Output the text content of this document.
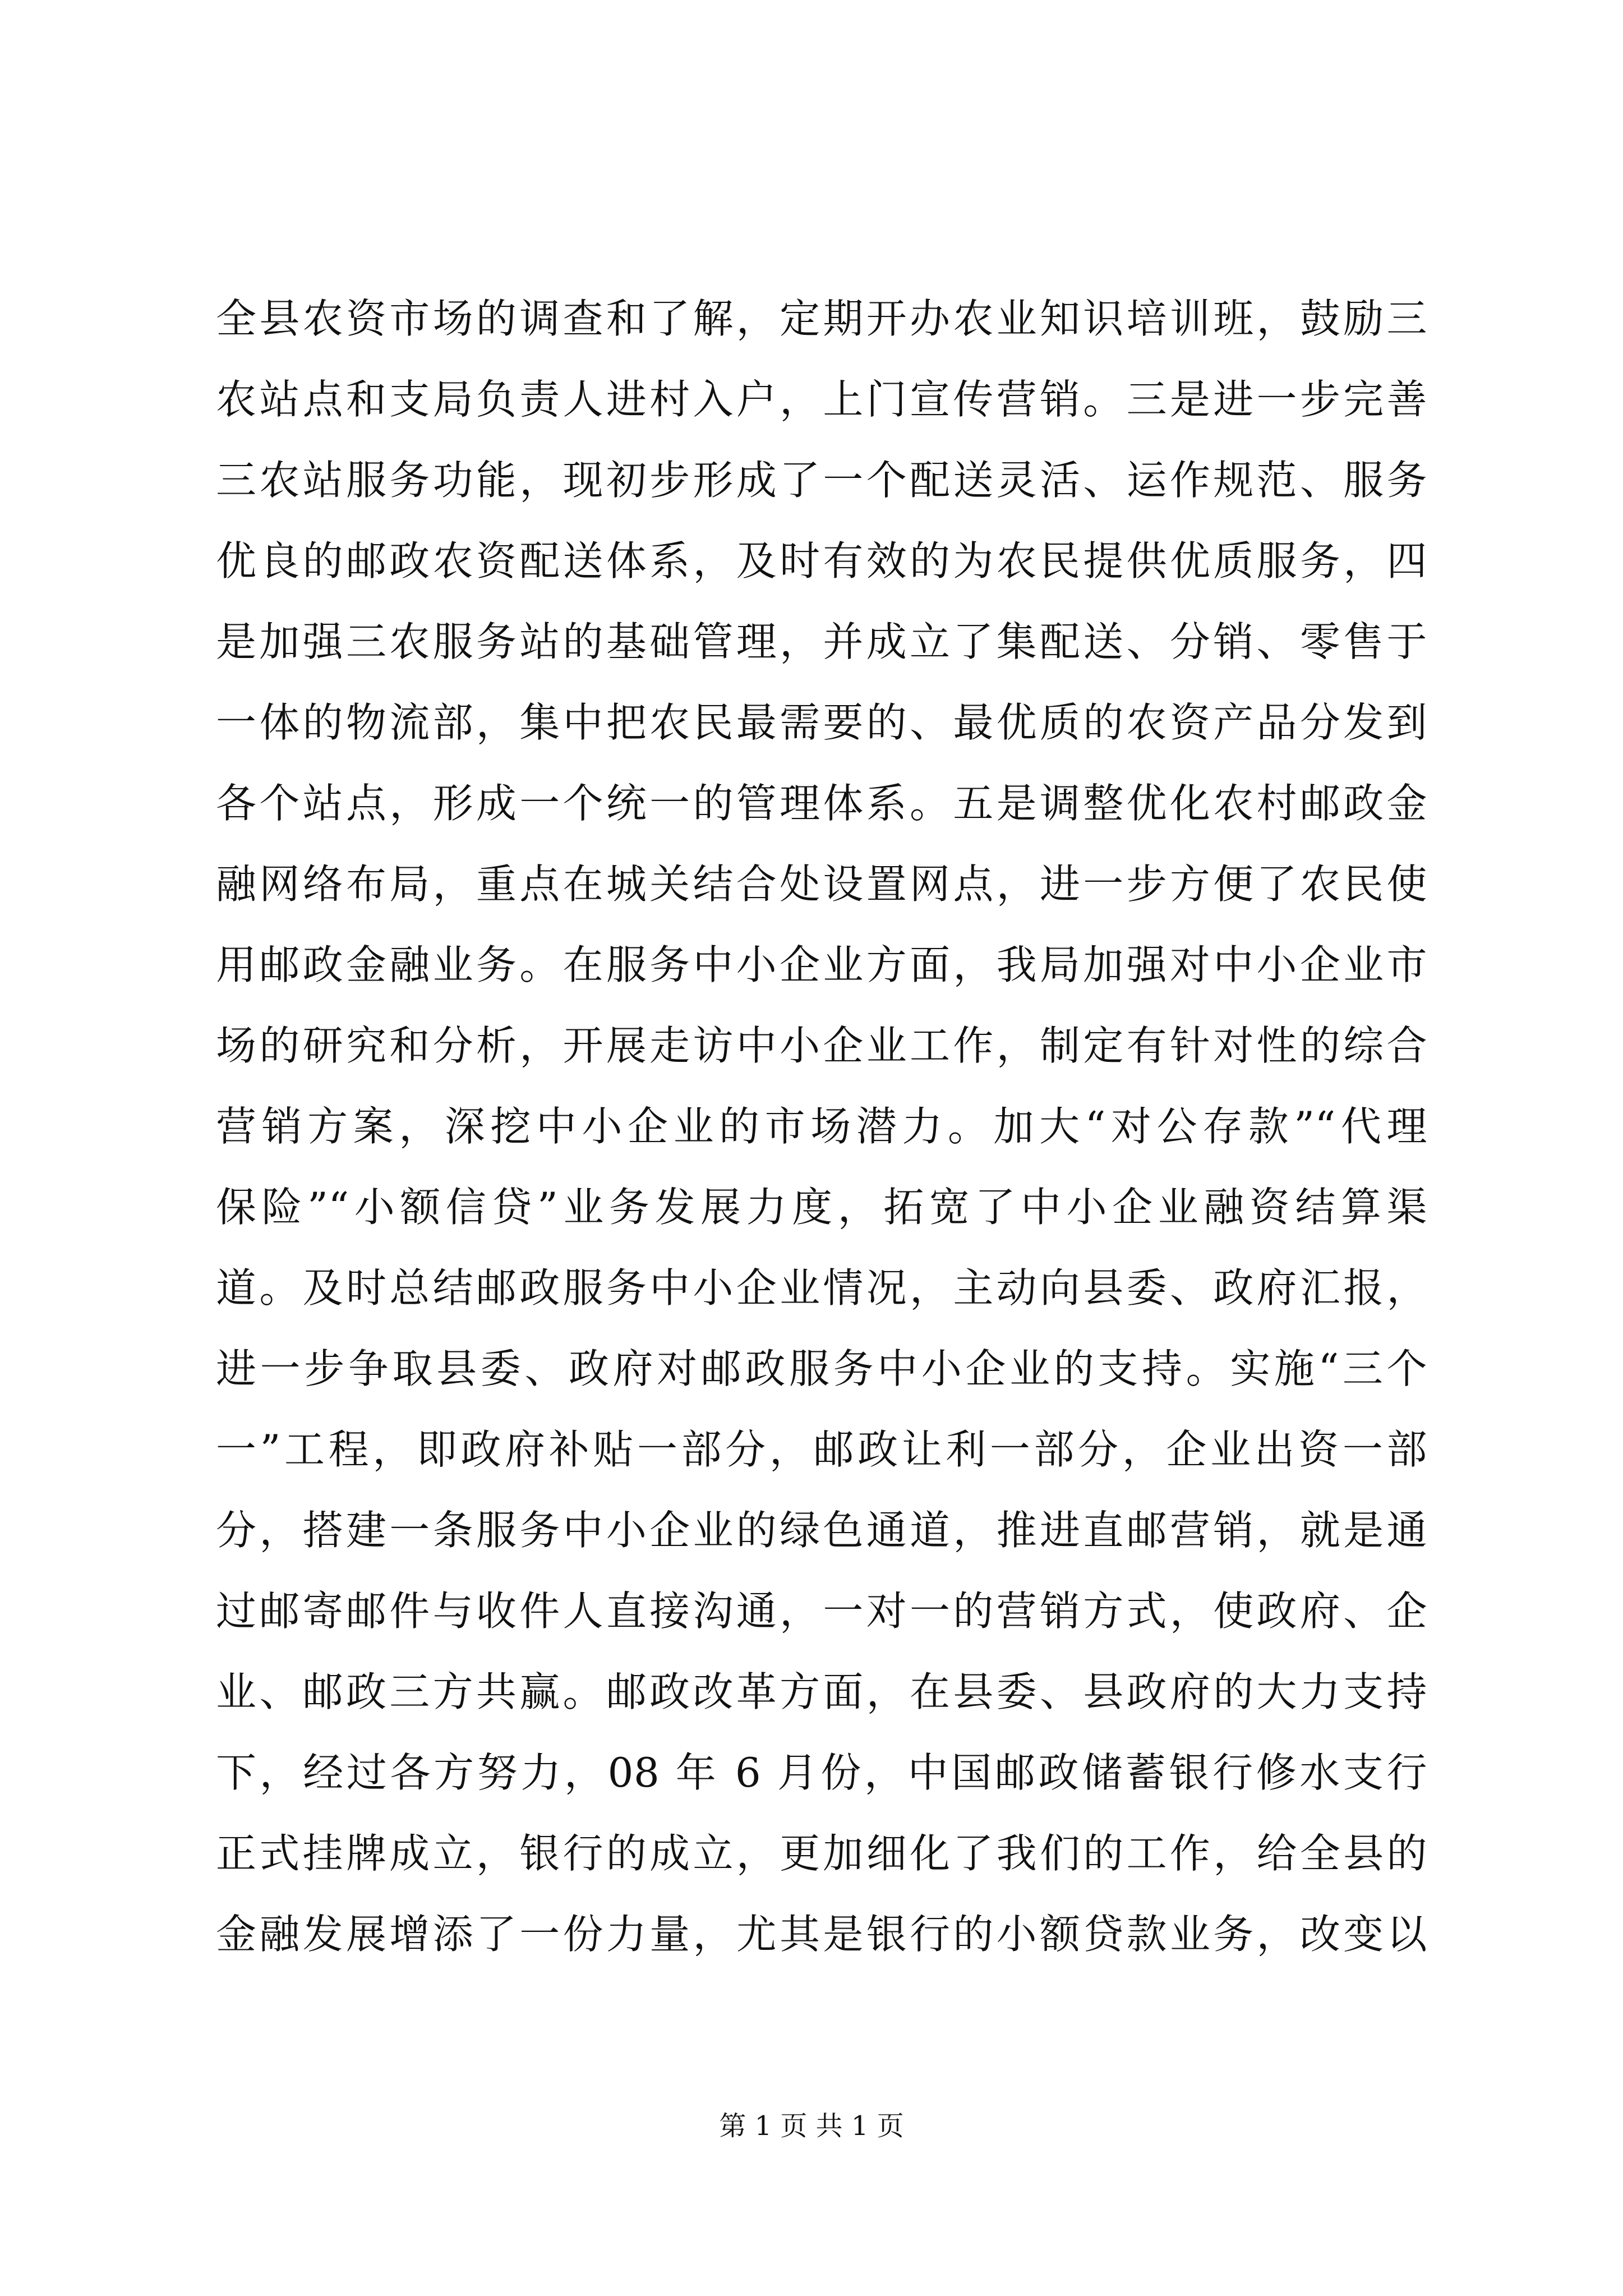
全县农资市场的调查和了解，定期开办农业知识培训班，鼓励三
农站点和支局负责人进村入户，上门宣传营销。三是进一步完善
三农站服务功能，现初步形成了一个配送灵活、运作规范、服务
优良的邮政农资配送体系，及时有效的为农民提供优质服务，四
是加强三农服务站的基础管理，并成立了集配送、分销、零售于
一体的物流部，集中把农民最需要的、最优质的农资产品分发到
各个站点，形成一个统一的管理体系。五是调整优化农村邮政金
融网络布局，重点在城关结合处设置网点，进一步方便了农民使
用邮政金融业务。在服务中小企业方面，我局加强对中小企业市
场的研究和分析，开展走访中小企业工作，制定有针对性的综合
营销方案，深挖中小企业的市场潜力。加大“对公存款”“代理
保险”“小额信贷”业务发展力度，拓宽了中小企业融资结算渠
道。及时总结邮政服务中小企业情况，主动向县委、政府汇报，
进一步争取县委、政府对邮政服务中小企业的支持。实施“三个
一”工程，即政府补贴一部分，邮政让利一部分，企业出资一部
分，搭建一条服务中小企业的绿色通道，推进直邮营销，就是通
过邮寄邮件与收件人直接沟通，一对一的营销方式，使政府、企
业、邮政三方共赢。邮政改革方面，在县委、县政府的大力支持
下，经过各方努力，08 年 6 月份，中国邮政储蓄银行修水支行
正式挂牌成立，银行的成立，更加细化了我们的工作，给全县的
金融发展增添了一份力量，尤其是银行的小额贷款业务，改变以
第 1 页 共 1 页
